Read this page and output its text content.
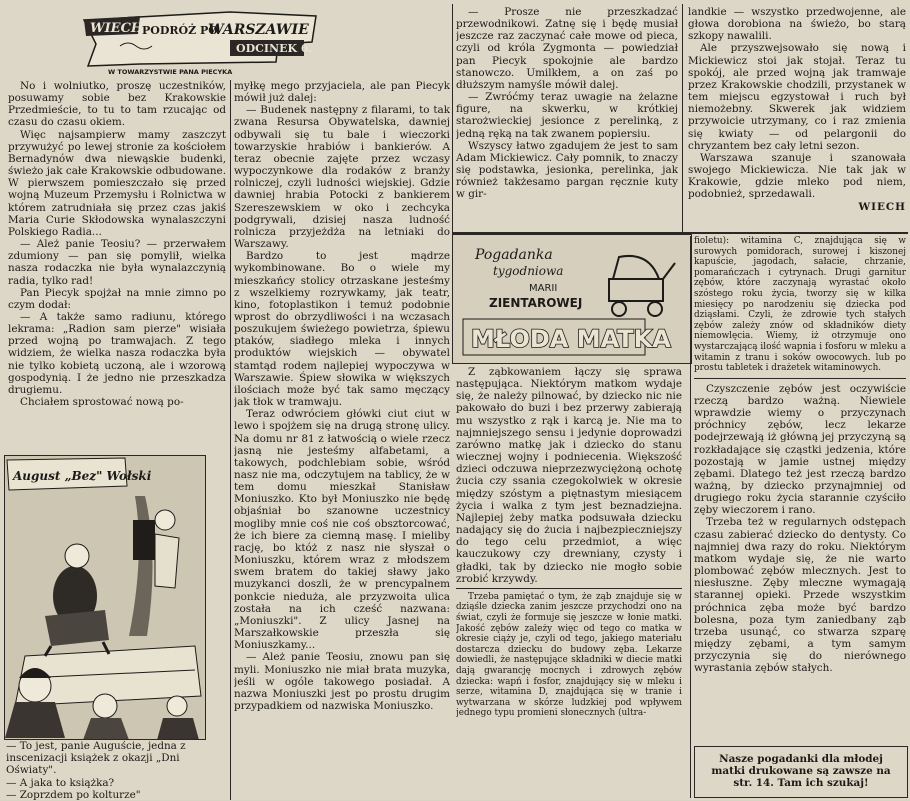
WIECH
PODRÓŻ PO
WARSZAWIE
ODCINEK 6.
W TOWARZYSTWIE PANA PIECYKA

No i wolniutko, proszę uczestników, posuwamy sobie bez Krakowskie Przedmieście, to tu to tam rzucając od czasu do czasu okiem.

Więc najsampierw mamy zaszczyt przywużyć po lewej stronie za kościołem Bernadynów dwa niewąskie budenki, świeżo jak całe Krakowskie odbudowane. W pierwszem pomieszczało się przed wojną Muzeum Przemysłu i Rolnictwa w którem zatrudniała się przez czas jakiś Maria Curie Skłodowska wynalaszczyni Polskiego Radia...

— Ależ panie Teosiu? — przerwałem zdumiony — pan się pomylił, wielka nasza rodaczka nie była wynalazczynią radia, tylko rad!

Pan Piecyk spojżał na mnie zimno po czym dodał:

— A także samo radiunu, którego lekrama: „Radion sam pierze" wisiała przed wojną po tramwajach. Z tego widziem, że wielka nasza rodaczka była nie tylko kobietą uczoną, ale i wzorową gospodynią. I że jedno nie przeszkadza drugiemu.

Chciałem sprostować nową po-

August „Bez" Wołski

— To jest, panie Auguście, jedna z inscenizacji książek z okazji „Dni Oświaty".

— A jaka to książka?

— Zoprzdem po kolturze"

myłkę mego przyjaciela, ale pan Piecyk mówił już dalej:

— Budenek następny z filarami, to tak zwana Resursa Obywatelska, dawniej odbywali się tu bale i wieczorki towarzyskie hrabiów i bankierów. A teraz obecnie zajęte przez wczasy wypoczynkowe dla rodaków z branży rolniczej, czyli ludności wiejskiej. Gdzie dawniej hrabia Potocki z bankierem Szereszewskiem w oko i zechcyka podgrywali, dzisiej nasza ludność rolnicza przyjeżdża na letniaki do Warszawy.

Bardzo to jest mądrze wykombinowane. Bo o wiele my mieszkańcy stolicy otrzaskane jesteśmy z wszelkiemy rozrywkamy, jak teatr, kino, fotoplastikon i temuż podobnie wprost do obrzydliwości i na wczasach poszukujem świeżego powietrza, śpiewu ptaków, siadłego mleka i innych produktów wiejskich — obywatel stamtąd rodem najlepiej wypoczywa w Warszawie. Śpiew słowika w większych ilościach może być tak samo męczący jak tłok w tramwaju.

Teraz odwróciem główki ciut ciut w lewo i spojżem się na drugą stronę ulicy. Na domu nr 81 z łatwością o wiele rzecz jasną nie jesteśmy alfabetami, a takowych, podchlebiam sobie, wśród nasz nie ma, odczytujem na tablicy, że w tem domu mieszkał Stanisław Moniuszko. Kto był Moniuszko nie będę objaśniał bo szanowne uczestnicy mogliby mnie coś nie coś obsztorcować, że ich biere za ciemną masę. I mieliby rację, bo któż z nasz nie słyszał o Moniuszku, którem wraz z młodszem swem bratem do takiej sławy jako muzykanci doszli, że w prencypalnem ponkcie nieduża, ale przyzwoita ulica została na ich cześć nazwana: „Moniuszki". Z ulicy Jasnej na Marszałkowskie przeszła się Moniuszkamy...

— Ależ panie Teosiu, znowu pan się myli. Moniuszko nie miał brata muzyka, jeśli w ogóle takowego posiadał. A nazwa Moniuszki jest po prostu drugim przypadkiem od nazwiska Moniuszko.

— Prosze nie przeszkadzać przewodnikowi. Zatnę się i będę musiał jeszcze raz zaczynać całe mowe od pieca, czyli od króla Zygmonta — powiedział pan Piecyk spokojnie ale bardzo stanowczo. Umilkłem, a on zaś po dłuższym namyśle mówił dalej.

— Zwróćmy teraz uwagie na żelazne figure, na skwerku, w krótkiej starożwieckiej jesionce z perelinką, z jedną ręką na tak zwanem popiersiu.

Wszyscy łatwo zgadujem że jest to sam Adam Mickiewicz. Cały pomnik, to znaczy się podstawka, jesionka, perelinka, jak również takżesamo pargan ręcznie kuty w gir-

landkie — wszystko przedwojenne, ale głowa dorobiona na świeżo, bo starą szkopy nawalili.

Ale przyszwejsowało się nową i Mickiewicz stoi jak stojał. Teraz tu spokój, ale przed wojną jak tramwaje przez Krakowskie chodzili, przystanek w tem miejscu egzystował i ruch był niemożebny. Skwerek jak widziem przywoicie utrzymany, co i raz zmienia się kwiaty — od pelargonii do chryzantem bez cały letni sezon.

Warszawa szanuje i szanowała swojego Mickiewicza. Nie tak jak w Krakowie, gdzie mleko pod niem, podobnież, sprzedawali.

WIECH

Pogadanka
tygodniowa
MARII
ZIENTAROWEJ
MŁODA MATKA

Z ząbkowaniem łączy się sprawa następująca. Niektórym matkom wydaje się, że należy pilnować, by dziecko nic nie pakowało do buzi i bez przerwy zabierają mu wszystko z rąk i karcą je. Nie ma to najmniejszego sensu i jedynie doprowadzi zarówno matkę jak i dziecko do stanu wiecznej wojny i podniecenia. Większość dzieci odczuwa nieprzezwyciężoną ochotę żucia czy ssania czegokolwiek w okresie między szóstym a piętnastym miesiącem życia i walka z tym jest beznadziejna. Najlepiej żeby matka podsuwała dziecku nadający się do żucia i najbezpieczniejszy do tego celu przedmiot, a więc kauczukowy czy drewniany, czysty i gładki, tak by dziecko nie mogło sobie zrobić krzywdy.

Trzeba pamiętać o tym, że ząb znajduje się w dziąśle dziecka zanim jeszcze przychodzi ono na świat, czyli że formuje się jeszcze w łonie matki. Jakość zębów zależy więc od tego co matka w okresie ciąży je, czyli od tego, jakiego materiału dostarcza dziecku do budowy zęba. Lekarze dowiedli, że następujące składniki w diecie matki dają gwarancję mocnych i zdrowych zębów dziecka: wapń i fosfor, znajdujący się w mleku i serze, witamina D, znajdująca się w tranie i wytwarzana w skórze ludzkiej pod wpływem jednego typu promieni słonecznych (ultra-

fioletu): witamina C, znajdująca się w surowych pomidorach, surowej i kiszonej kapuście, jagodach, sałacie, chrzanie, pomarańczach i cytrynach. Drugi garnitur zębów, które zaczynają wyrastać około szóstego roku życia, tworzy się w kilka miesięcy po narodzeniu się dziecka pod dziąsłami. Czyli, że zdrowie tych stałych zębów zależy znów od składników diety niemowlęcia. Wiemy, iż otrzymuje ono wystarczającą ilość wapnia i fosforu w mleku a witamin z tranu i soków owocowych. lub po prostu tabletek i drażetek witaminowych.

Czyszczenie zębów jest oczywiście rzeczą bardzo ważną. Niewiele wprawdzie wiemy o przyczynach próchnicy zębów, lecz lekarze podejrzewają iż główną jej przyczyną są rozkładające się cząstki jedzenia, które pozostają w jamie ustnej między zębami. Dlatego też jest rzeczą bardzo ważną, by dziecko przynajmniej od drugiego roku życia starannie czyściło zęby wieczorem i rano.

Trzeba też w regularnych odstępach czasu zabierać dziecko do dentysty. Co najmniej dwa razy do roku. Niektórym matkom wydaje się, że nie warto plombować zębów mlecznych. Jest to niesłuszne. Zęby mleczne wymagają starannej opieki. Przede wszystkim próchnica zęba może być bardzo bolesna, poza tym zaniedbany ząb trzeba usunąć, co stwarza szparę między zębami, a tym samym przyczynia się do nierównego wyrastania zębów stałych.

Nasze pogadanki dla młodej matki drukowane są zawsze na str. 14. Tam ich szukaj!
